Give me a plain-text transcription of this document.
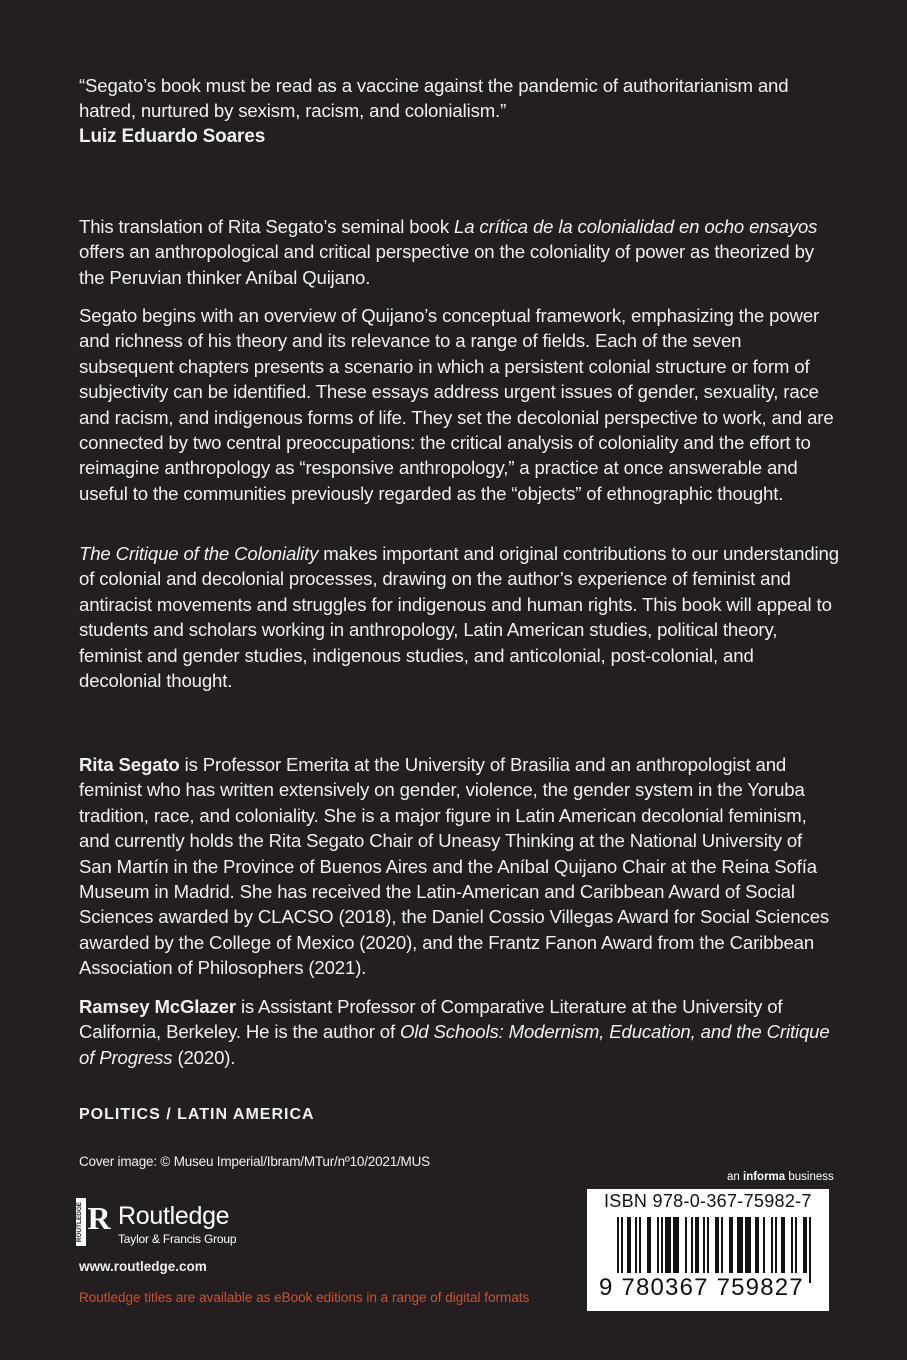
“Segato’s book must be read as a vaccine against the pandemic of authoritarianism and hatred, nurtured by sexism, racism, and colonialism.”
Luiz Eduardo Soares

This translation of Rita Segato’s seminal book La crítica de la colonialidad en ocho ensayos offers an anthropological and critical perspective on the coloniality of power as theorized by the Peruvian thinker Aníbal Quijano.

Segato begins with an overview of Quijano’s conceptual framework, emphasizing the power and richness of his theory and its relevance to a range of fields. Each of the seven subsequent chapters presents a scenario in which a persistent colonial structure or form of subjectivity can be identified. These essays address urgent issues of gender, sexuality, race and racism, and indigenous forms of life. They set the decolonial perspective to work, and are connected by two central preoccupations: the critical analysis of coloniality and the effort to reimagine anthropology as “responsive anthropology,” a practice at once answerable and useful to the communities previously regarded as the “objects” of ethnographic thought.

The Critique of the Coloniality makes important and original contributions to our understanding of colonial and decolonial processes, drawing on the author’s experience of feminist and antiracist movements and struggles for indigenous and human rights. This book will appeal to students and scholars working in anthropology, Latin American studies, political theory, feminist and gender studies, indigenous studies, and anticolonial, post-colonial, and decolonial thought.

Rita Segato is Professor Emerita at the University of Brasilia and an anthropologist and feminist who has written extensively on gender, violence, the gender system in the Yoruba tradition, race, and coloniality. She is a major figure in Latin American decolonial feminism, and currently holds the Rita Segato Chair of Uneasy Thinking at the National University of San Martín in the Province of Buenos Aires and the Aníbal Quijano Chair at the Reina Sofía Museum in Madrid. She has received the Latin-American and Caribbean Award of Social Sciences awarded by CLACSO (2018), the Daniel Cossio Villegas Award for Social Sciences awarded by the College of Mexico (2020), and the Frantz Fanon Award from the Caribbean Association of Philosophers (2021).

Ramsey McGlazer is Assistant Professor of Comparative Literature at the University of California, Berkeley. He is the author of Old Schools: Modernism, Education, and the Critique of Progress (2020).

POLITICS / LATIN AMERICA
Cover image: © Museu Imperial/Ibram/MTur/nº10/2021/MUS
ROUTLEDGE R Routledge
Taylor & Francis Group
www.routledge.com
Routledge titles are available as eBook editions in a range of digital formats
an informa business
ISBN 978-0-367-75982-7
9 780367 759827
